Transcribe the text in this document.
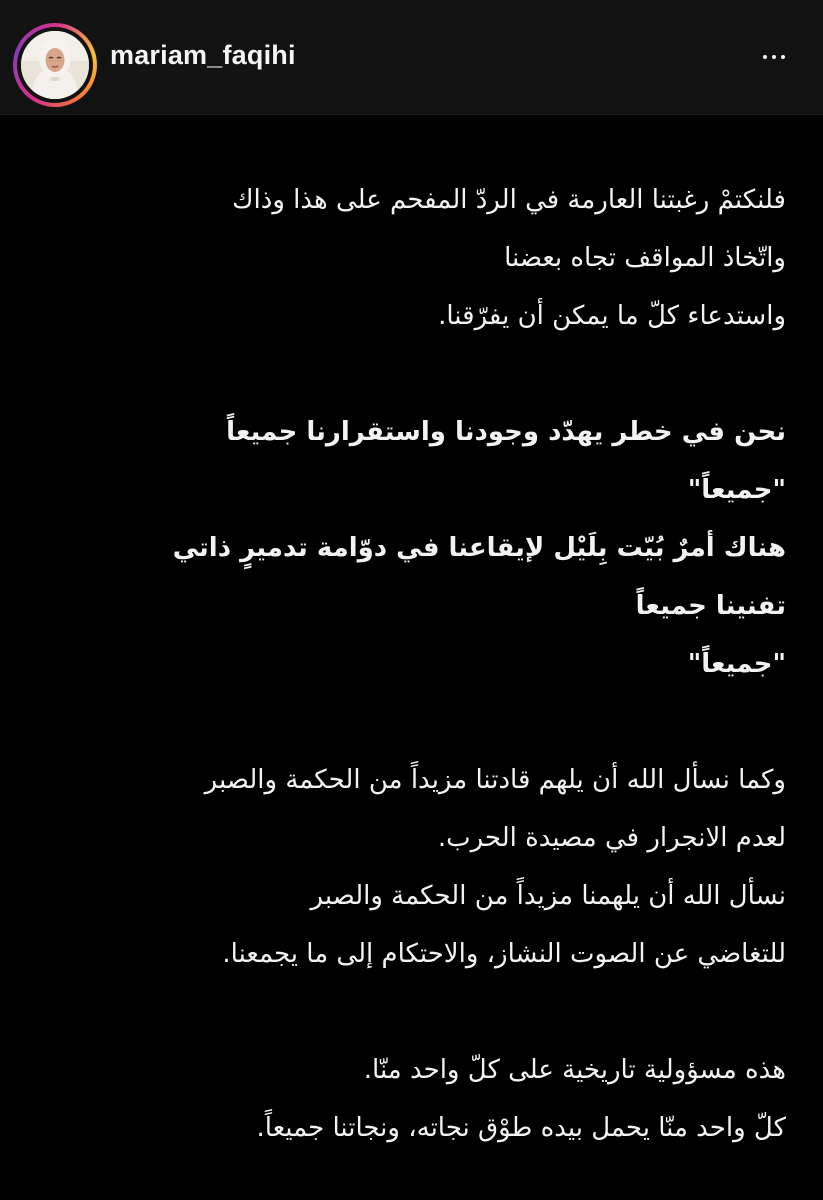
mariam_faqihi
فلنكتمْ رغبتنا العارمة في الردّ المفحم على هذا وذاك
واتّخاذ المواقف تجاه بعضنا
واستدعاء كلّ ما يمكن أن يفرّقنا.
نحن في خطر يهدّد وجودنا واستقرارنا جميعاً
"جميعاً"
هناك أمرٌ بُيّت بِلَيْل لإيقاعنا في دوّامة تدميرٍ ذاتي
تفنينا جميعاً
"جميعاً"
وكما نسأل الله أن يلهم قادتنا مزيداً من الحكمة والصبر
لعدم الانجرار في مصيدة الحرب.
نسأل الله أن يلهمنا مزيداً من الحكمة والصبر
للتغاضي عن الصوت النشاز، والاحتكام إلى ما يجمعنا.
هذه مسؤولية تاريخية على كلّ واحد منّا.
كلّ واحد منّا يحمل بيده طوْق نجاته، ونجاتنا جميعاً.
